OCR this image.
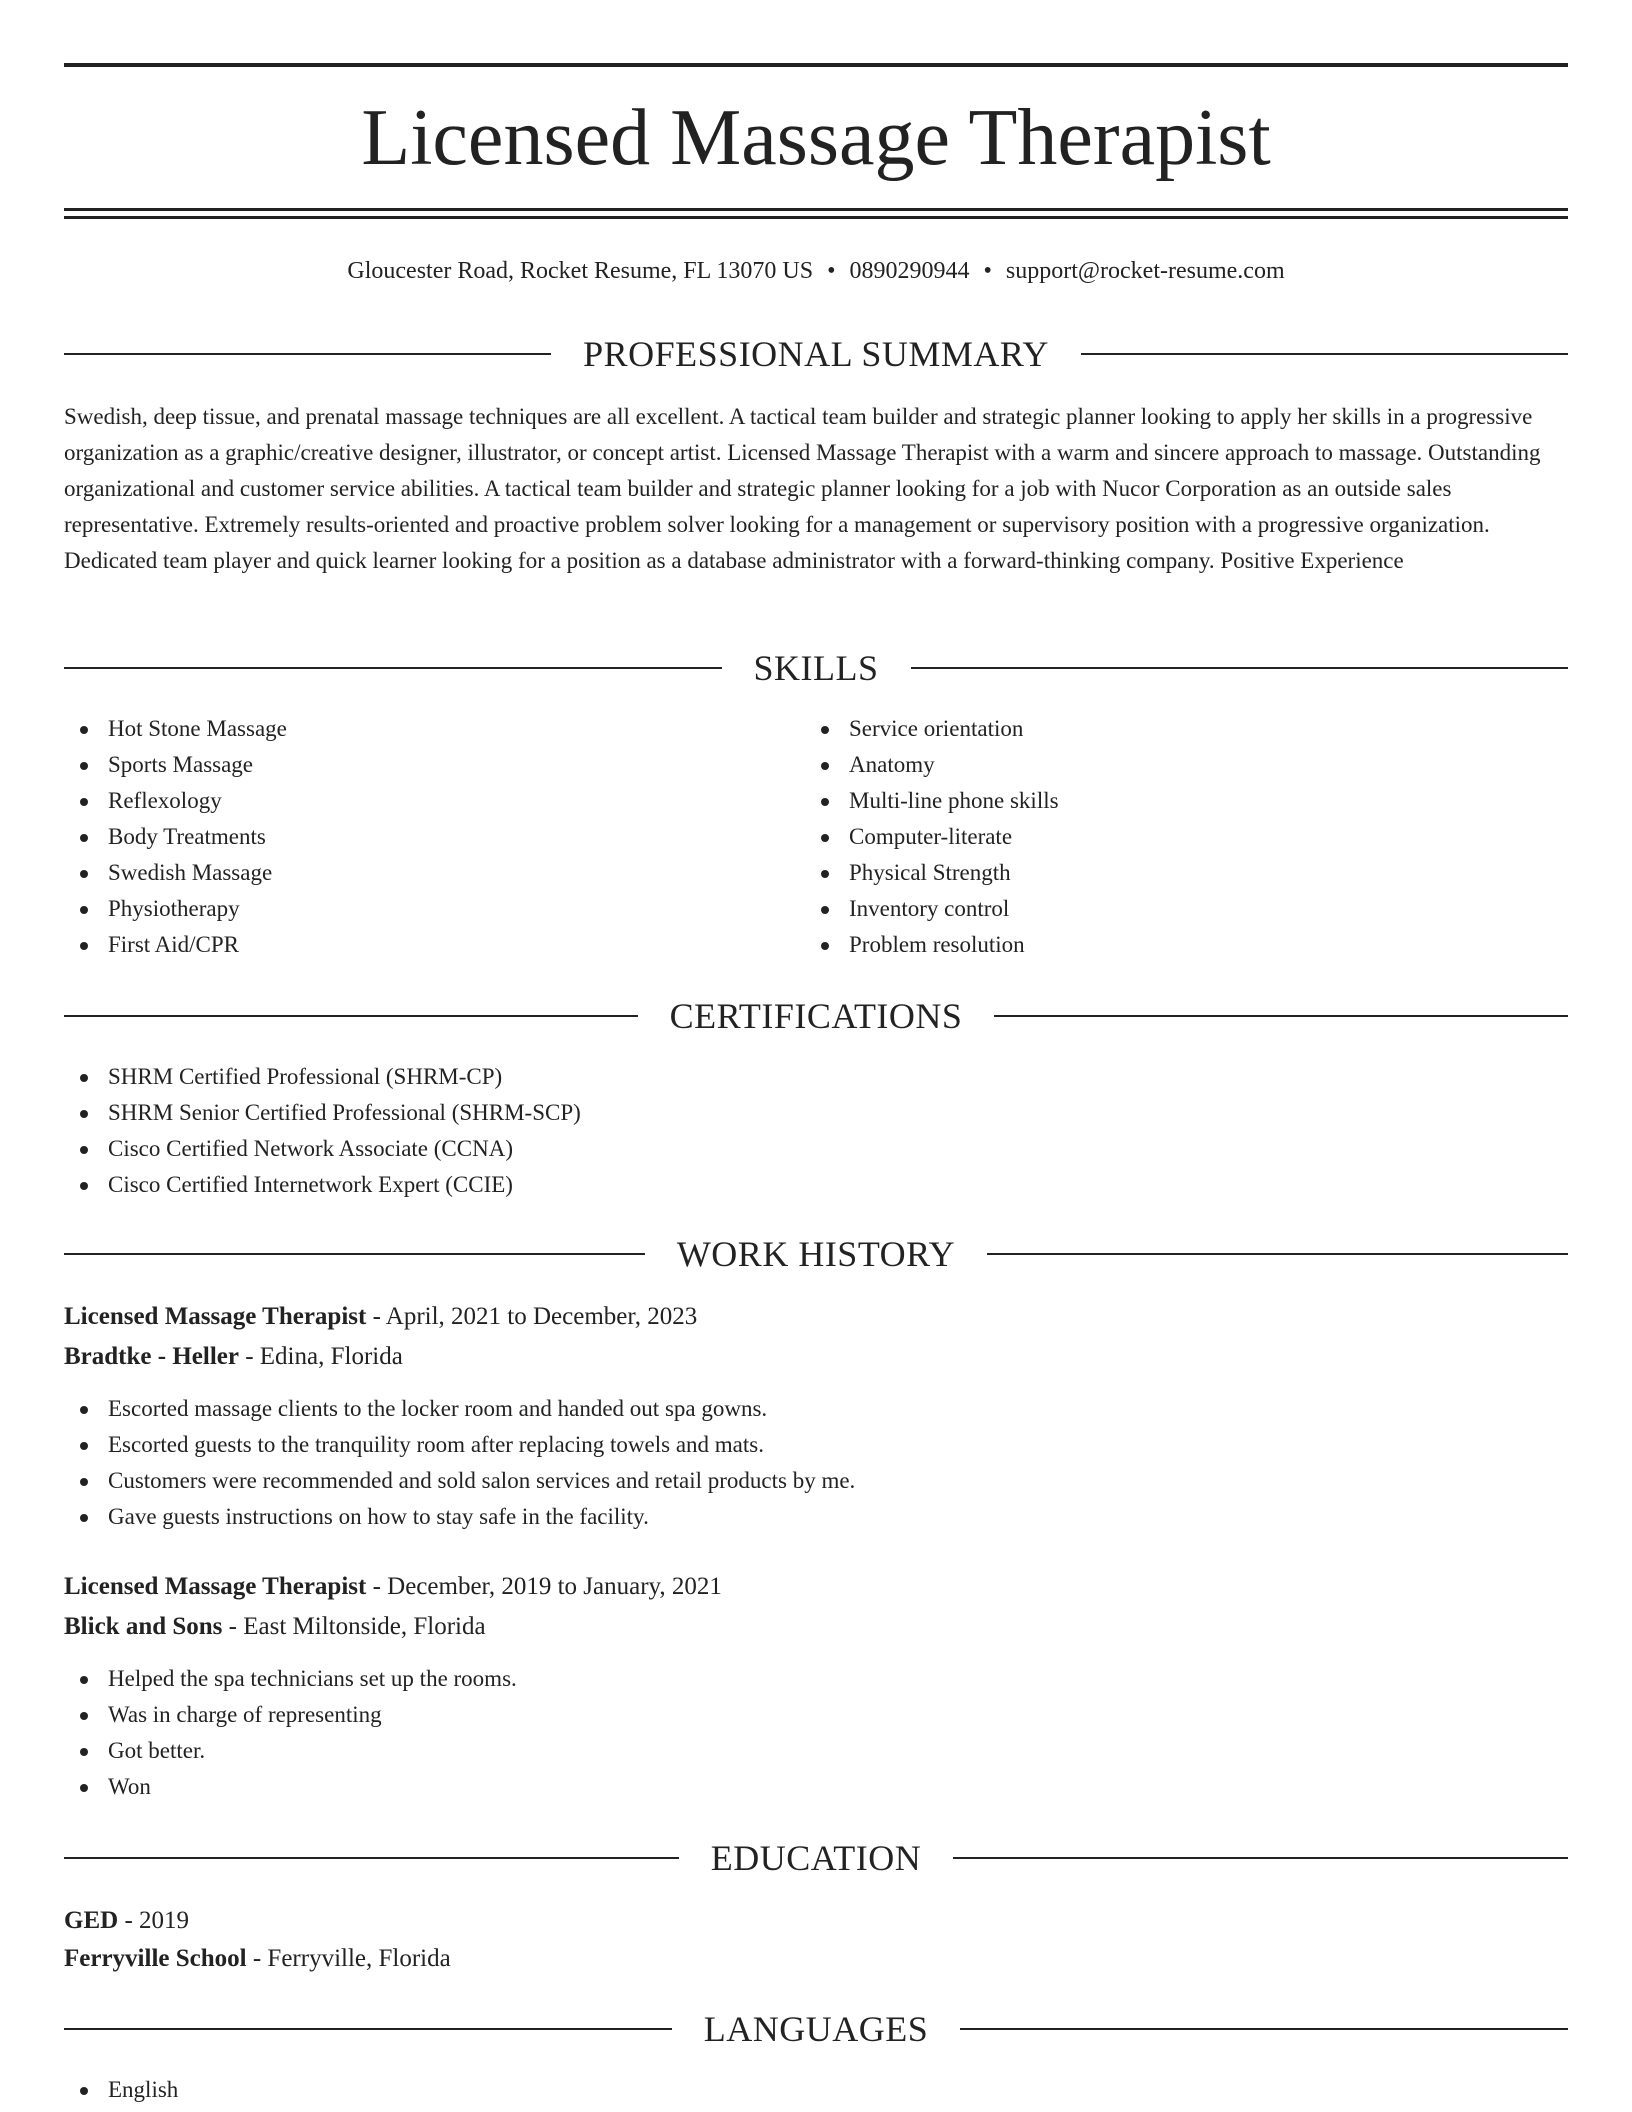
Licensed Massage Therapist
Gloucester Road, Rocket Resume, FL 13070 US • 0890290944 • support@rocket-resume.com
PROFESSIONAL SUMMARY

Swedish, deep tissue, and prenatal massage techniques are all excellent. A tactical team builder and strategic planner looking to apply her skills in a progressive organization as a graphic/creative designer, illustrator, or concept artist. Licensed Massage Therapist with a warm and sincere approach to massage. Outstanding organizational and customer service abilities. A tactical team builder and strategic planner looking for a job with Nucor Corporation as an outside sales representative. Extremely results-oriented and proactive problem solver looking for a management or supervisory position with a progressive organization. Dedicated team player and quick learner looking for a position as a database administrator with a forward-thinking company. Positive Experience

SKILLS
Hot Stone Massage
Sports Massage
Reflexology
Body Treatments
Swedish Massage
Physiotherapy
First Aid/CPR
Service orientation
Anatomy
Multi-line phone skills
Computer-literate
Physical Strength
Inventory control
Problem resolution
CERTIFICATIONS
SHRM Certified Professional (SHRM-CP)
SHRM Senior Certified Professional (SHRM-SCP)
Cisco Certified Network Associate (CCNA)
Cisco Certified Internetwork Expert (CCIE)
WORK HISTORY
Licensed Massage Therapist - April, 2021 to December, 2023
Bradtke - Heller - Edina, Florida
Escorted massage clients to the locker room and handed out spa gowns.
Escorted guests to the tranquility room after replacing towels and mats.
Customers were recommended and sold salon services and retail products by me.
Gave guests instructions on how to stay safe in the facility.
Licensed Massage Therapist - December, 2019 to January, 2021
Blick and Sons - East Miltonside, Florida
Helped the spa technicians set up the rooms.
Was in charge of representing
Got better.
Won
EDUCATION
GED - 2019
Ferryville School - Ferryville, Florida
LANGUAGES
English
